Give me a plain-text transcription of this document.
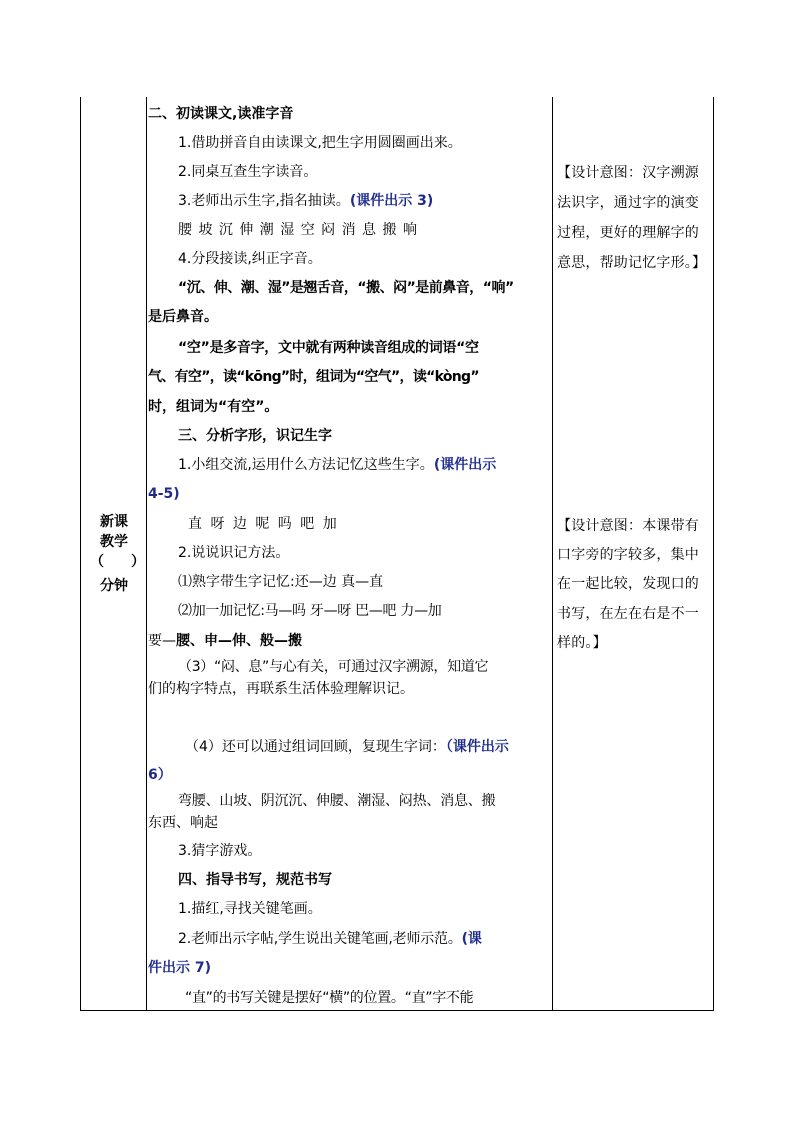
新课
教学
（ ）
分钟
二、初读课文,读准字音
1.借助拼音自由读课文,把生字用圆圈画出来。
2.同桌互查生字读音。
3.老师出示生字,指名抽读。(课件出示 3)
腰 坡 沉 伸 潮 湿 空 闷 消 息 搬 响
4.分段接读,纠正字音。
“沉、伸、潮、湿”是翘舌音，“搬、闷”是前鼻音，“响”
是后鼻音。
“空”是多音字，文中就有两种读音组成的词语“空
气、有空”，读“kōng”时，组词为“空气”，读“kòng”
时，组词为“有空”。
三、分析字形，识记生字
1.小组交流,运用什么方法记忆这些生字。(课件出示
4-5)
直 呀 边 呢 吗 吧 加
2.说说识记方法。
⑴熟字带生字记忆:还—边 真—直
⑵加一加记忆:马—吗 牙—呀 巴—吧 力—加
要—腰、申—伸、般—搬
（3）“闷、息”与心有关，可通过汉字溯源，知道它
们的构字特点，再联系生活体验理解识记。
（4）还可以通过组词回顾，复现生字词：（课件出示
6）
弯腰、山坡、阴沉沉、伸腰、潮湿、闷热、消息、搬
东西、响起
3.猜字游戏。
四、指导书写，规范书写
1.描红,寻找关键笔画。
2.老师出示字帖,学生说出关键笔画,老师示范。(课
件出示 7)
“直”的书写关键是摆好“横”的位置。“直”字不能
【设计意图：汉字溯源
法识字，通过字的演变
过程，更好的理解字的
意思，帮助记忆字形。】
【设计意图：本课带有
口字旁的字较多，集中
在一起比较，发现口的
书写，在左在右是不一
样的。】
